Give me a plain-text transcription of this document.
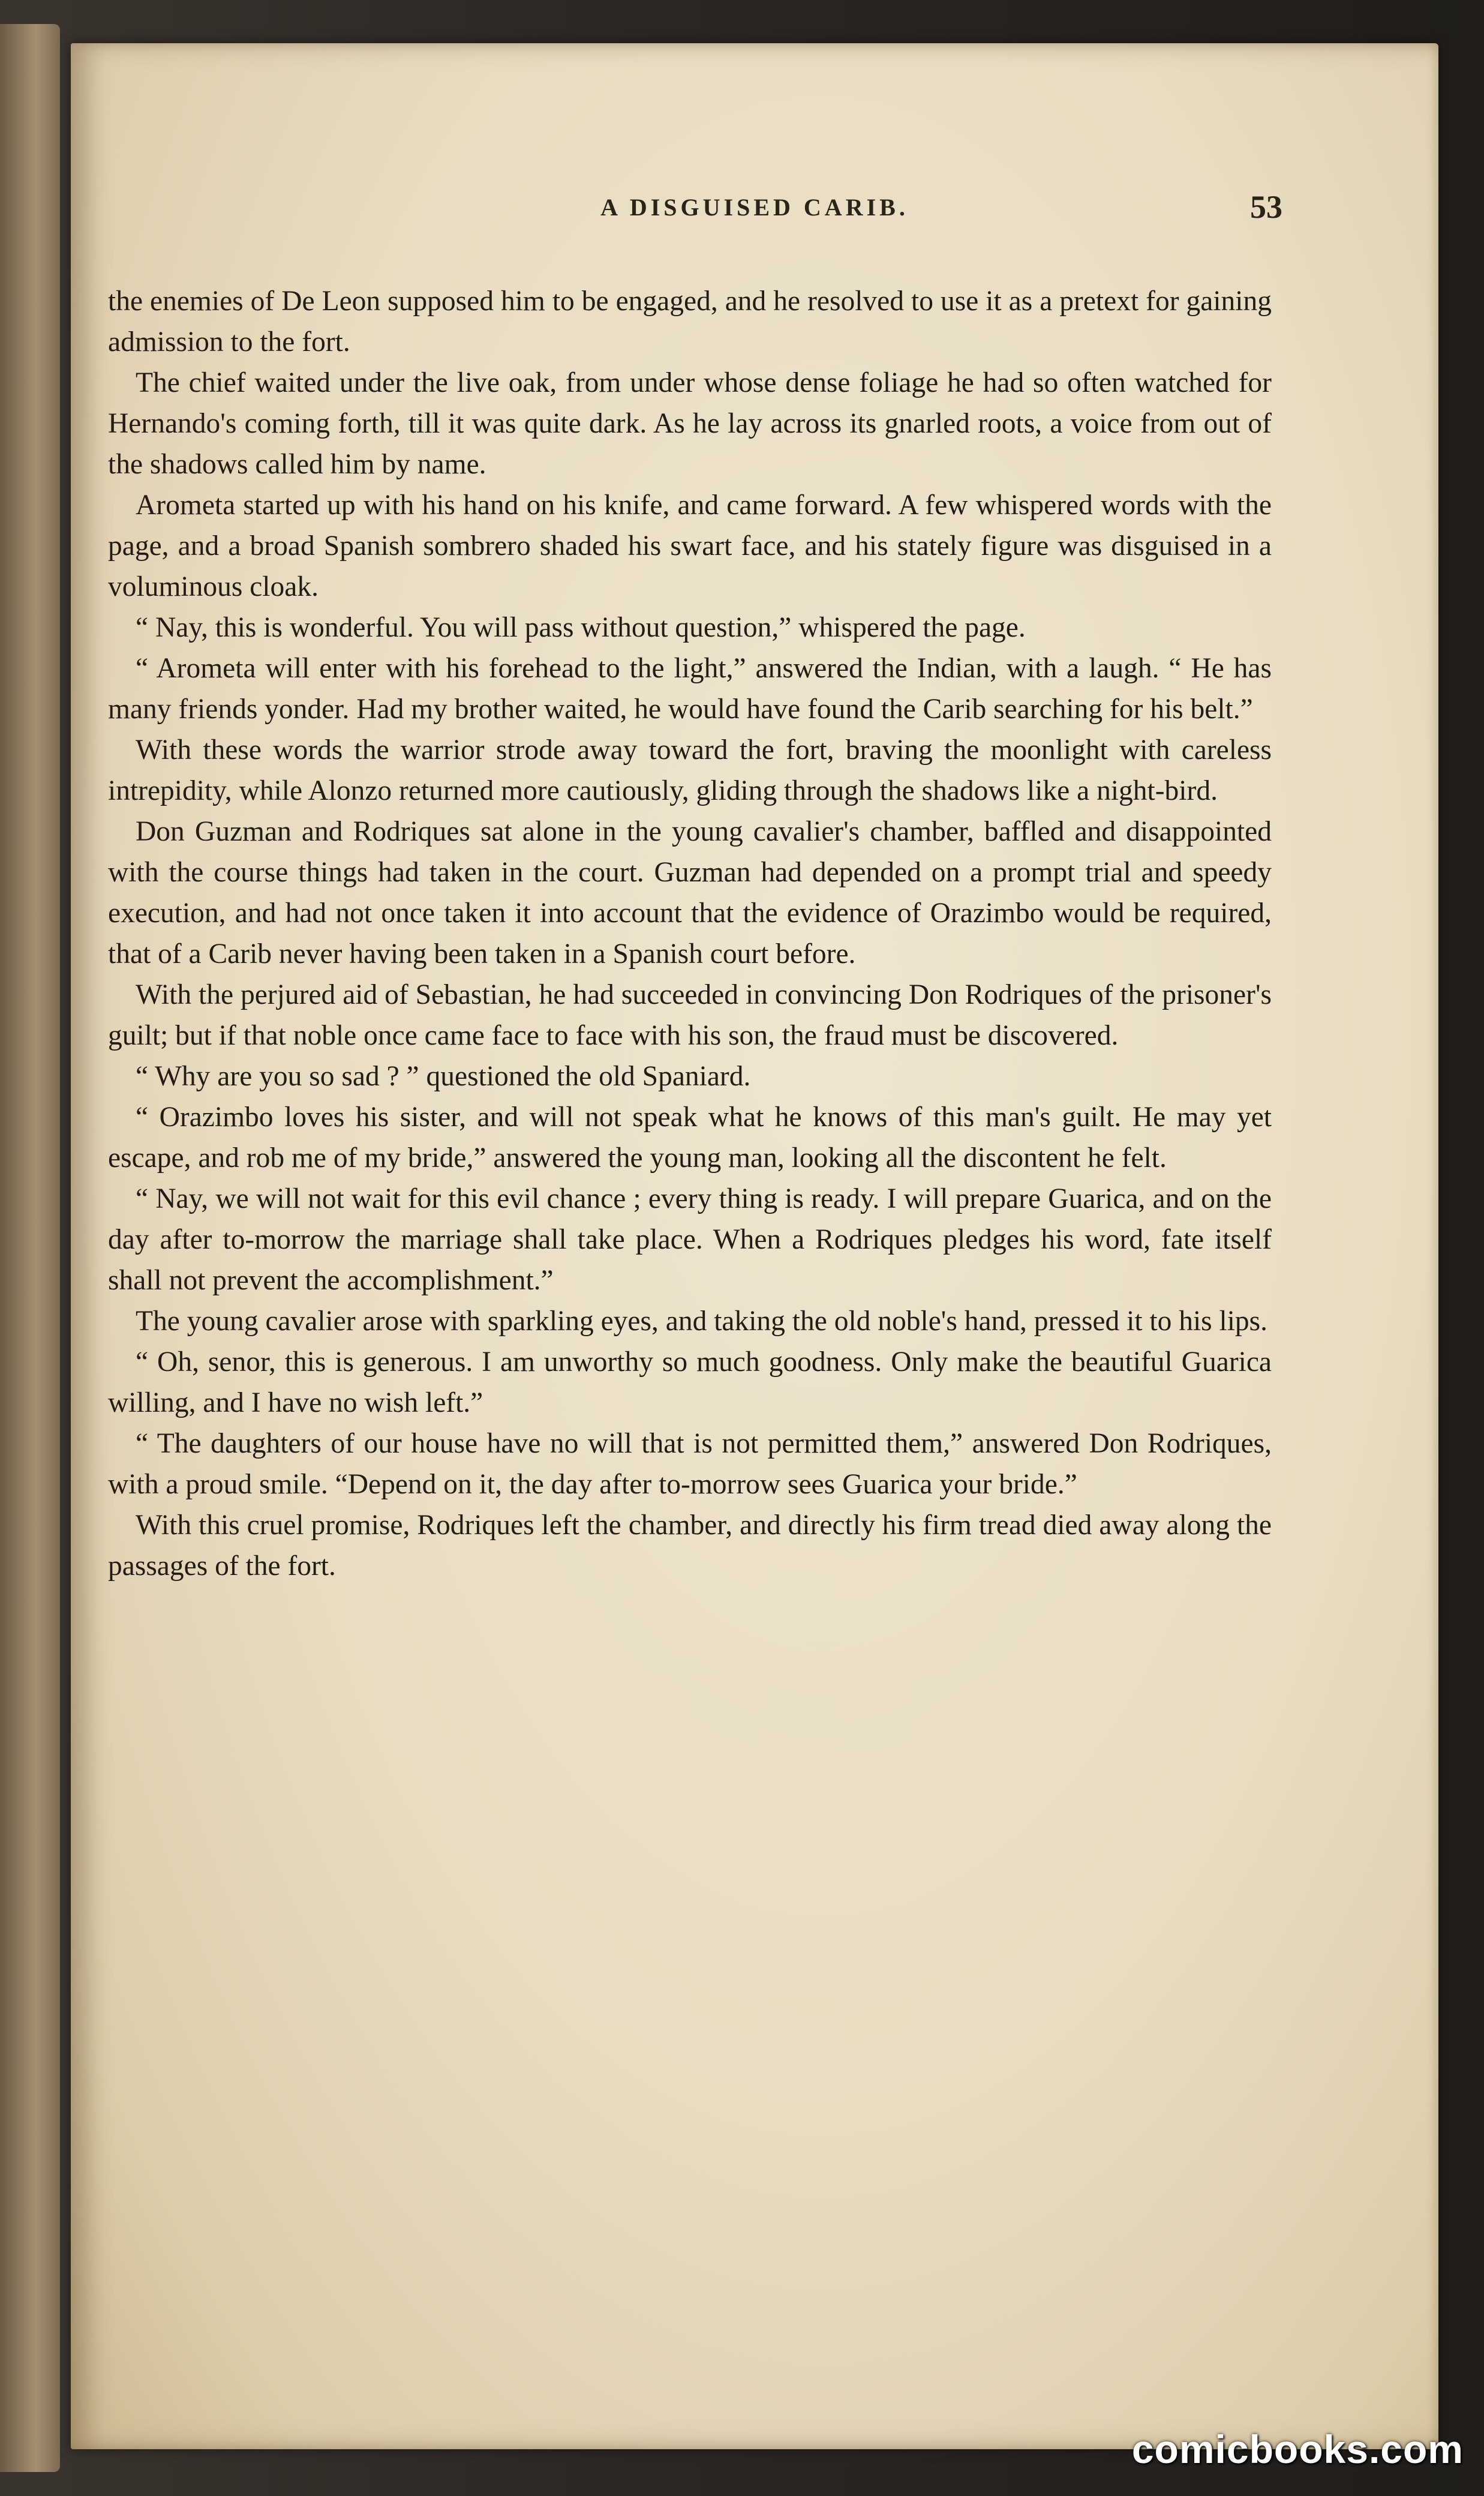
A DISGUISED CARIB.	53

the enemies of De Leon supposed him to be engaged, and he resolved to use it as a pretext for gaining admission to the fort.

The chief waited under the live oak, from under whose dense foliage he had so often watched for Hernando's coming forth, till it was quite dark. As he lay across its gnarled roots, a voice from out of the shadows called him by name.

Arometa started up with his hand on his knife, and came forward. A few whispered words with the page, and a broad Spanish sombrero shaded his swart face, and his stately figure was disguised in a voluminous cloak.

“ Nay, this is wonderful. You will pass without question,” whispered the page.

“ Arometa will enter with his forehead to the light,” answered the Indian, with a laugh. “ He has many friends yonder. Had my brother waited, he would have found the Carib searching for his belt.”

With these words the warrior strode away toward the fort, braving the moonlight with careless intrepidity, while Alonzo returned more cautiously, gliding through the shadows like a night-bird.

Don Guzman and Rodriques sat alone in the young cavalier's chamber, baffled and disappointed with the course things had taken in the court. Guzman had depended on a prompt trial and speedy execution, and had not once taken it into account that the evidence of Orazimbo would be required, that of a Carib never having been taken in a Spanish court before.

With the perjured aid of Sebastian, he had succeeded in convincing Don Rodriques of the prisoner's guilt; but if that noble once came face to face with his son, the fraud must be discovered.

“ Why are you so sad ? ” questioned the old Spaniard.

“ Orazimbo loves his sister, and will not speak what he knows of this man's guilt. He may yet escape, and rob me of my bride,” answered the young man, looking all the discontent he felt.

“ Nay, we will not wait for this evil chance ; every thing is ready. I will prepare Guarica, and on the day after to-morrow the marriage shall take place. When a Rodriques pledges his word, fate itself shall not prevent the accomplishment.”

The young cavalier arose with sparkling eyes, and taking the old noble's hand, pressed it to his lips.

“ Oh, senor, this is generous. I am unworthy so much goodness. Only make the beautiful Guarica willing, and I have no wish left.”

“ The daughters of our house have no will that is not permitted them,” answered Don Rodriques, with a proud smile. “Depend on it, the day after to-morrow sees Guarica your bride.”

With this cruel promise, Rodriques left the chamber, and directly his firm tread died away along the passages of the fort.

comicbooks.com
